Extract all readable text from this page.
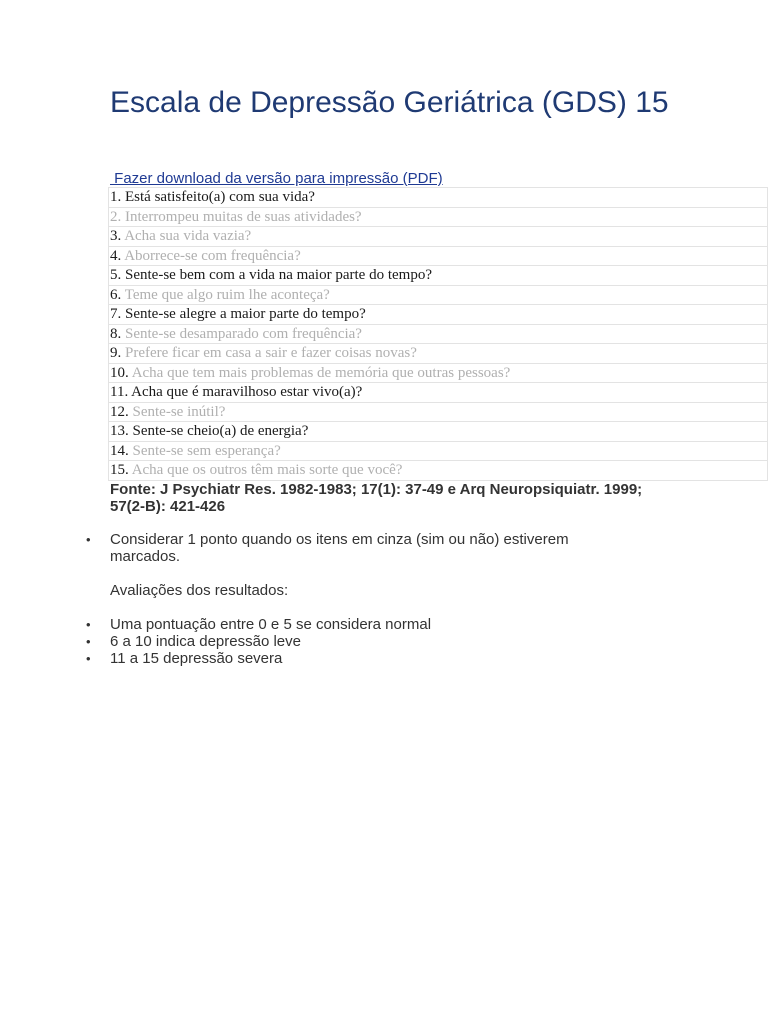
Escala de Depressão Geriátrica (GDS) 15
Fazer download da versão para impressão (PDF)
1. Está satisfeito(a) com sua vida?
2. Interrompeu muitas de suas atividades?
3. Acha sua vida vazia?
4. Aborrece-se com frequência?
5. Sente-se bem com a vida na maior parte do tempo?
6. Teme que algo ruim lhe aconteça?
7. Sente-se alegre a maior parte do tempo?
8. Sente-se desamparado com frequência?
9. Prefere ficar em casa a sair e fazer coisas novas?
10. Acha que tem mais problemas de memória que outras pessoas?
11. Acha que é maravilhoso estar vivo(a)?
12. Sente-se inútil?
13. Sente-se cheio(a) de energia?
14. Sente-se sem esperança?
15. Acha que os outros têm mais sorte que você?

Fonte: J Psychiatr Res. 1982-1983; 17(1): 37-49 e Arq Neuropsiquiatr. 1999; 57(2-B): 421-426

• Considerar 1 ponto quando os itens em cinza (sim ou não) estiverem marcados.

Avaliações dos resultados:

• Uma pontuação entre 0 e 5 se considera normal
• 6 a 10 indica depressão leve
• 11 a 15 depressão severa
